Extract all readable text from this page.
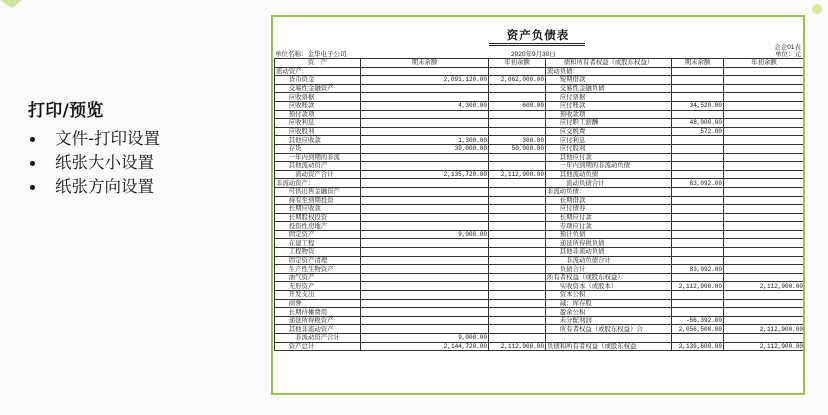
打印/预览
文件-打印设置
纸张大小设置
纸张方向设置
资产负债表
会企01表
单位名称：金华电子公司	2020年9月30日	单位：元
资　产	期末余额	年初余额	债和所有者权益（或股东权益）	期末余额	年初余额
流动资产：			流动负债：		
　　货币资金	2,091,120.00	2,062,000.00	　　短期借款		
　　交易性金融资产			　　交易性金融负债		
　　应收票据			　　应付票据		
　　应收账款	4,300.00	600.00	　　应付账款	34,520.00	
　　预付款项			　　预收款项		
　　应收利息			　　应付职工薪酬	48,000.00	
　　应收股利			　　应交税费	572.00	
　　其他应收款	1,300.00	300.00	　　应付利息		
　　存货	39,000.00	50,000.00	　　应付股利		
　　一年内到期的非流			　　其他应付款		
　　其他流动资产			　　一年内到期的非流动负债		
　　　流动资产合计	2,135,720.00	2,112,900.00	　　其他流动负债		
非流动资产：			　　　流动负债合计	83,092.00	
　　可供出售金融资产			非流动负债：		
　　持有至到期投资			　　长期借款		
　　长期应收款			　　应付债券		
　　长期股权投资			　　长期应付款		
　　投资性房地产			　　专项应付款		
　　固定资产	9,000.00		　　预计负债		
　　在建工程			　　递延所得税负债		
　　工程物资			　　其他非流动负债		
　　固定资产清理			　　　非流动负债合计		
　　生产性生物资产			　　负债合计	83,092.00	
　　油气资产			所有者权益（或股东权益）：		
　　无形资产			　　实收资本（或股本）	2,112,900.00	2,112,900.00
　　开发支出			　　资本公积		
　　商誉			　　减：库存股		
　　长期待摊费用			　　盈余公积		
　　递延所得税资产			　　未分配利润	-56,392.00	
　　其他非流动资产			　　所有者权益（或股东权益）合	2,056,508.00	2,112,900.00
　　　非流动资产合计	9,000.00				
　　资产总计	2,144,720.00	2,112,900.00	负债和所有者权益（或股东权益	2,139,600.00	2,112,900.00
